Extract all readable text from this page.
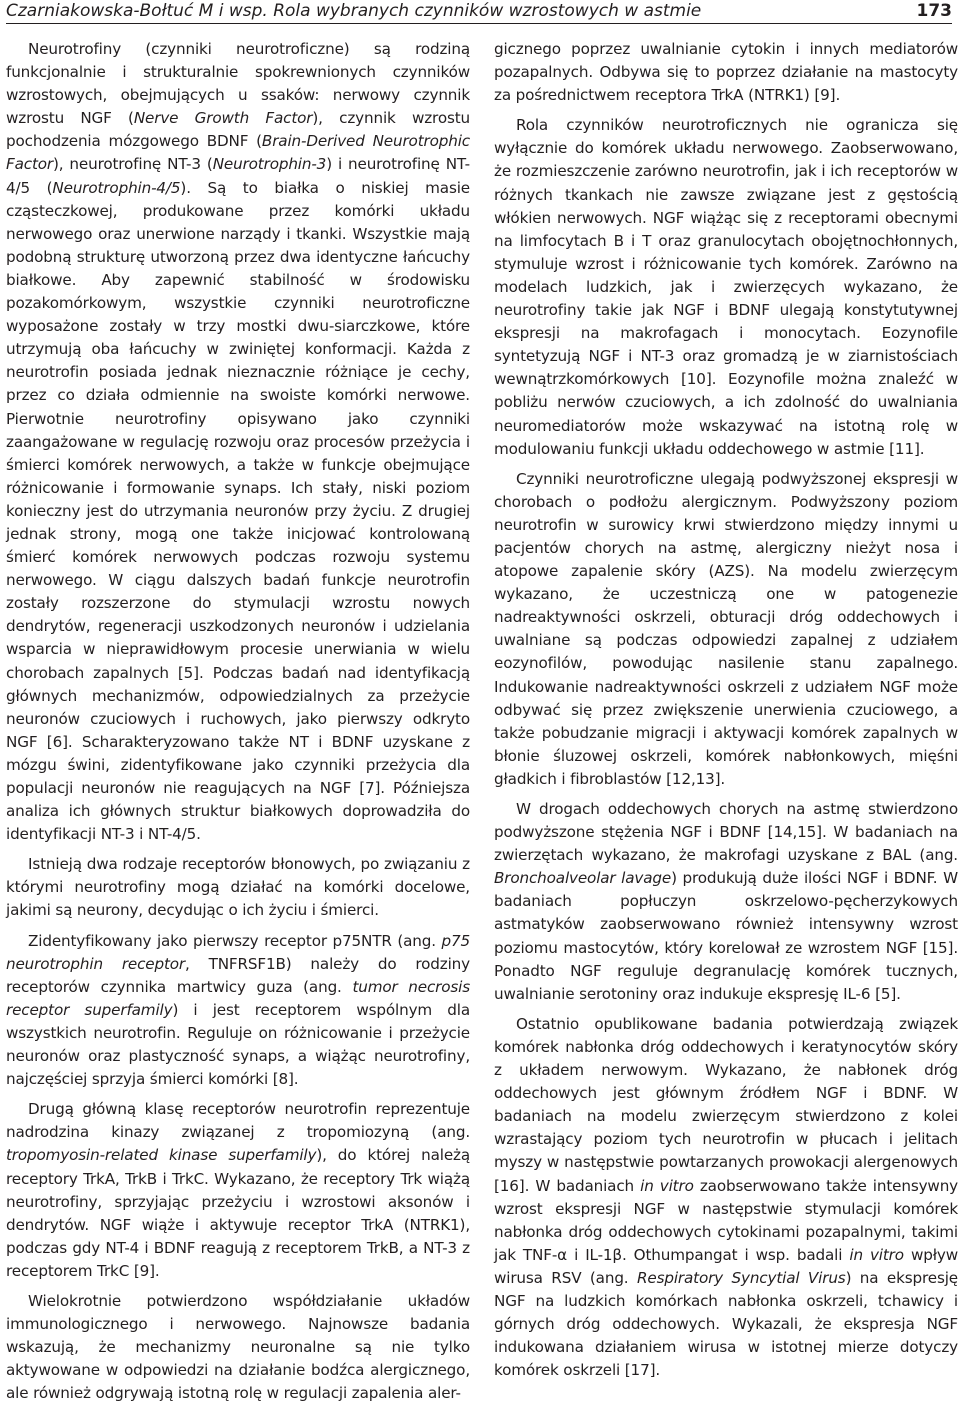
Czarniakowska-Bołtuć M i wsp. Rola wybranych czynników wzrostowych w astmie	173

Neurotrofiny (czynniki neurotroficzne) są rodziną funkcjonalnie i strukturalnie spokrewnionych czynników wzrostowych, obejmujących u ssaków: nerwowy czynnik wzrostu NGF (Nerve Growth Factor), czynnik wzrostu pochodzenia mózgowego BDNF (Brain-Derived Neurotrophic Factor), neurotrofinę NT-3 (Neurotrophin-3) i neurotrofinę NT-4/5 (Neurotrophin-4/5). Są to białka o niskiej masie cząsteczkowej, produkowane przez komórki układu nerwowego oraz unerwione narządy i tkanki. Wszystkie mają podobną strukturę utworzoną przez dwa identyczne łańcuchy białkowe. Aby zapewnić stabilność w środowisku pozakomórkowym, wszystkie czynniki neurotroficzne wyposażone zostały w trzy mostki dwu-siarczkowe, które utrzymują oba łańcuchy w zwiniętej konformacji. Każda z neurotrofin posiada jednak nieznacznie różniące je cechy, przez co działa odmiennie na swoiste komórki nerwowe. Pierwotnie neurotrofiny opisywano jako czynniki zaangażowane w regulację rozwoju oraz procesów przeżycia i śmierci komórek nerwowych, a także w funkcje obejmujące różnicowanie i formowanie synaps. Ich stały, niski poziom konieczny jest do utrzymania neuronów przy życiu. Z drugiej jednak strony, mogą one także inicjować kontrolowaną śmierć komórek nerwowych podczas rozwoju systemu nerwowego. W ciągu dalszych badań funkcje neurotrofin zostały rozszerzone do stymulacji wzrostu nowych dendrytów, regeneracji uszkodzonych neuronów i udzielania wsparcia w nieprawidłowym procesie unerwiania w wielu chorobach zapalnych [5]. Podczas badań nad identyfikacją głównych mechanizmów, odpowiedzialnych za przeżycie neuronów czuciowych i ruchowych, jako pierwszy odkryto NGF [6]. Scharakteryzowano także NT i BDNF uzyskane z mózgu świni, zidentyfikowane jako czynniki przeżycia dla populacji neuronów nie reagujących na NGF [7]. Późniejsza analiza ich głównych struktur białkowych doprowadziła do identyfikacji NT-3 i NT-4/5.

Istnieją dwa rodzaje receptorów błonowych, po związaniu z którymi neurotrofiny mogą działać na komórki docelowe, jakimi są neurony, decydując o ich życiu i śmierci.

Zidentyfikowany jako pierwszy receptor p75NTR (ang. p75 neurotrophin receptor, TNFRSF1B) należy do rodziny receptorów czynnika martwicy guza (ang. tumor necrosis receptor superfamily) i jest receptorem wspólnym dla wszystkich neurotrofin. Reguluje on różnicowanie i przeżycie neuronów oraz plastyczność synaps, a wiążąc neurotrofiny, najczęściej sprzyja śmierci komórki [8].

Drugą główną klasę receptorów neurotrofin reprezentuje nadrodzina kinazy związanej z tropomiozyną (ang. tropomyosin-related kinase superfamily), do której należą receptory TrkA, TrkB i TrkC. Wykazano, że receptory Trk wiążą neurotrofiny, sprzyjając przeżyciu i wzrostowi aksonów i dendrytów. NGF wiąże i aktywuje receptor TrkA (NTRK1), podczas gdy NT-4 i BDNF reagują z receptorem TrkB, a NT-3 z receptorem TrkC [9].

Wielokrotnie potwierdzono współdziałanie układów immunologicznego i nerwowego. Najnowsze badania wskazują, że mechanizmy neuronalne są nie tylko aktywowane w odpowiedzi na działanie bodźca alergicznego, ale również odgrywają istotną rolę w regulacji zapalenia aler-

gicznego poprzez uwalnianie cytokin i innych mediatorów pozapalnych. Odbywa się to poprzez działanie na mastocyty za pośrednictwem receptora TrkA (NTRK1) [9].

Rola czynników neurotroficznych nie ogranicza się wyłącznie do komórek układu nerwowego. Zaobserwowano, że rozmieszczenie zarówno neurotrofin, jak i ich receptorów w różnych tkankach nie zawsze związane jest z gęstością włókien nerwowych. NGF wiążąc się z receptorami obecnymi na limfocytach B i T oraz granulocytach obojętnochłonnych, stymuluje wzrost i różnicowanie tych komórek. Zarówno na modelach ludzkich, jak i zwierzęcych wykazano, że neurotrofiny takie jak NGF i BDNF ulegają konstytutywnej ekspresji na makrofagach i monocytach. Eozynofile syntetyzują NGF i NT-3 oraz gromadzą je w ziarnistościach wewnątrzkomórkowych [10]. Eozynofile można znaleźć w pobliżu nerwów czuciowych, a ich zdolność do uwalniania neuromediatorów może wskazywać na istotną rolę w modulowaniu funkcji układu oddechowego w astmie [11].

Czynniki neurotroficzne ulegają podwyższonej ekspresji w chorobach o podłożu alergicznym. Podwyższony poziom neurotrofin w surowicy krwi stwierdzono między innymi u pacjentów chorych na astmę, alergiczny nieżyt nosa i atopowe zapalenie skóry (AZS). Na modelu zwierzęcym wykazano, że uczestniczą one w patogenezie nadreaktywności oskrzeli, obturacji dróg oddechowych i uwalniane są podczas odpowiedzi zapalnej z udziałem eozynofilów, powodując nasilenie stanu zapalnego. Indukowanie nadreaktywności oskrzeli z udziałem NGF może odbywać się przez zwiększenie unerwienia czuciowego, a także pobudzanie migracji i aktywacji komórek zapalnych w błonie śluzowej oskrzeli, komórek nabłonkowych, mięśni gładkich i fibroblastów [12,13].

W drogach oddechowych chorych na astmę stwierdzono podwyższone stężenia NGF i BDNF [14,15]. W badaniach na zwierzętach wykazano, że makrofagi uzyskane z BAL (ang. Bronchoalveolar lavage) produkują duże ilości NGF i BDNF. W badaniach popłuczyn oskrzelowo-pęcherzykowych astmatyków zaobserwowano również intensywny wzrost poziomu mastocytów, który korelował ze wzrostem NGF [15]. Ponadto NGF reguluje degranulację komórek tucznych, uwalnianie serotoniny oraz indukuje ekspresję IL-6 [5].

Ostatnio opublikowane badania potwierdzają związek komórek nabłonka dróg oddechowych i keratynocytów skóry z układem nerwowym. Wykazano, że nabłonek dróg oddechowych jest głównym źródłem NGF i BDNF. W badaniach na modelu zwierzęcym stwierdzono z kolei wzrastający poziom tych neurotrofin w płucach i jelitach myszy w następstwie powtarzanych prowokacji alergenowych [16]. W badaniach in vitro zaobserwowano także intensywny wzrost ekspresji NGF w następstwie stymulacji komórek nabłonka dróg oddechowych cytokinami pozapalnymi, takimi jak TNF-α i IL-1β. Othumpangat i wsp. badali in vitro wpływ wirusa RSV (ang. Respiratory Syncytial Virus) na ekspresję NGF na ludzkich komórkach nabłonka oskrzeli, tchawicy i górnych dróg oddechowych. Wykazali, że ekspresja NGF indukowana działaniem wirusa w istotnej mierze dotyczy komórek oskrzeli [17].
